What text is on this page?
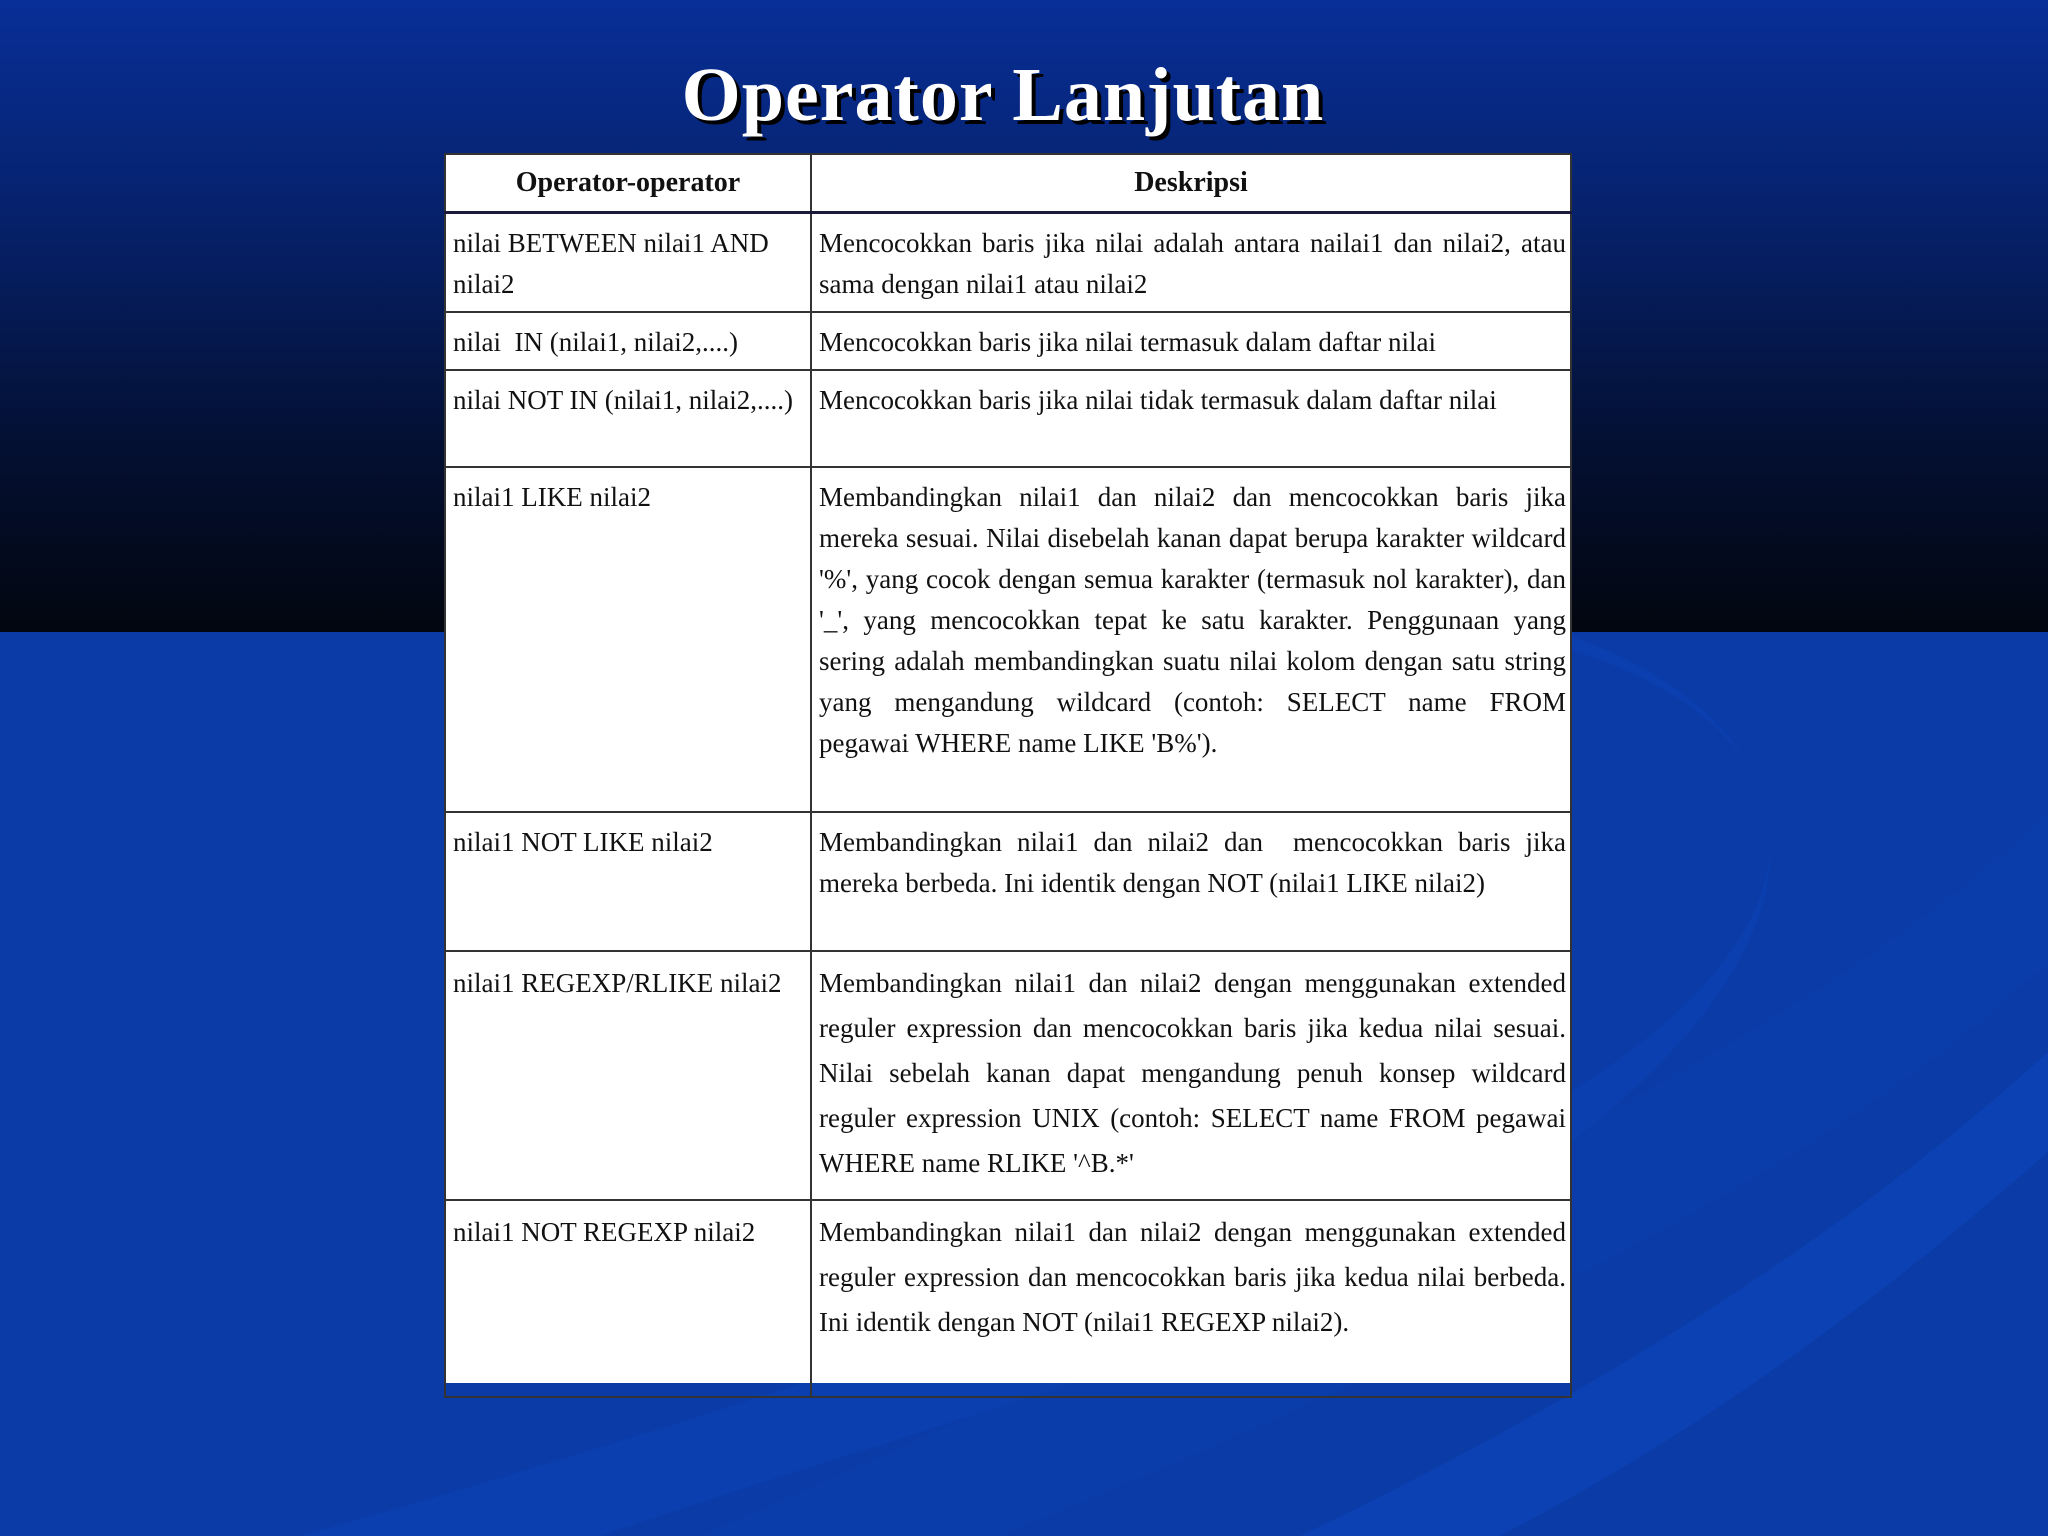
Operator Lanjutan
Operator-operator	Deskripsi
nilai BETWEEN nilai1 AND nilai2	Mencocokkan baris jika nilai adalah antara nailai1 dan nilai2, atau sama dengan nilai1 atau nilai2
nilai  IN (nilai1, nilai2,....)	Mencocokkan baris jika nilai termasuk dalam daftar nilai
nilai NOT IN (nilai1, nilai2,....)	Mencocokkan baris jika nilai tidak termasuk dalam daftar nilai
nilai1 LIKE nilai2	Membandingkan nilai1 dan nilai2 dan mencocokkan baris jika mereka sesuai. Nilai disebelah kanan dapat berupa karakter wildcard '%', yang cocok dengan semua karakter (termasuk nol karakter), dan '_', yang mencocokkan tepat ke satu karakter. Penggunaan yang sering adalah membandingkan suatu nilai kolom dengan satu string yang mengandung wildcard (contoh: SELECT name FROM pegawai WHERE name LIKE 'B%').
nilai1 NOT LIKE nilai2	Membandingkan nilai1 dan nilai2 dan  mencocokkan baris jika mereka berbeda. Ini identik dengan NOT (nilai1 LIKE nilai2)
nilai1 REGEXP/RLIKE nilai2	Membandingkan nilai1 dan nilai2 dengan menggunakan extended reguler expression dan mencocokkan baris jika kedua nilai sesuai. Nilai sebelah kanan dapat mengandung penuh konsep wildcard reguler expression UNIX (contoh: SELECT name FROM pegawai WHERE name RLIKE '^B.*'
nilai1 NOT REGEXP nilai2	Membandingkan nilai1 dan nilai2 dengan menggunakan extended reguler expression dan mencocokkan baris jika kedua nilai berbeda. Ini identik dengan NOT (nilai1 REGEXP nilai2).
